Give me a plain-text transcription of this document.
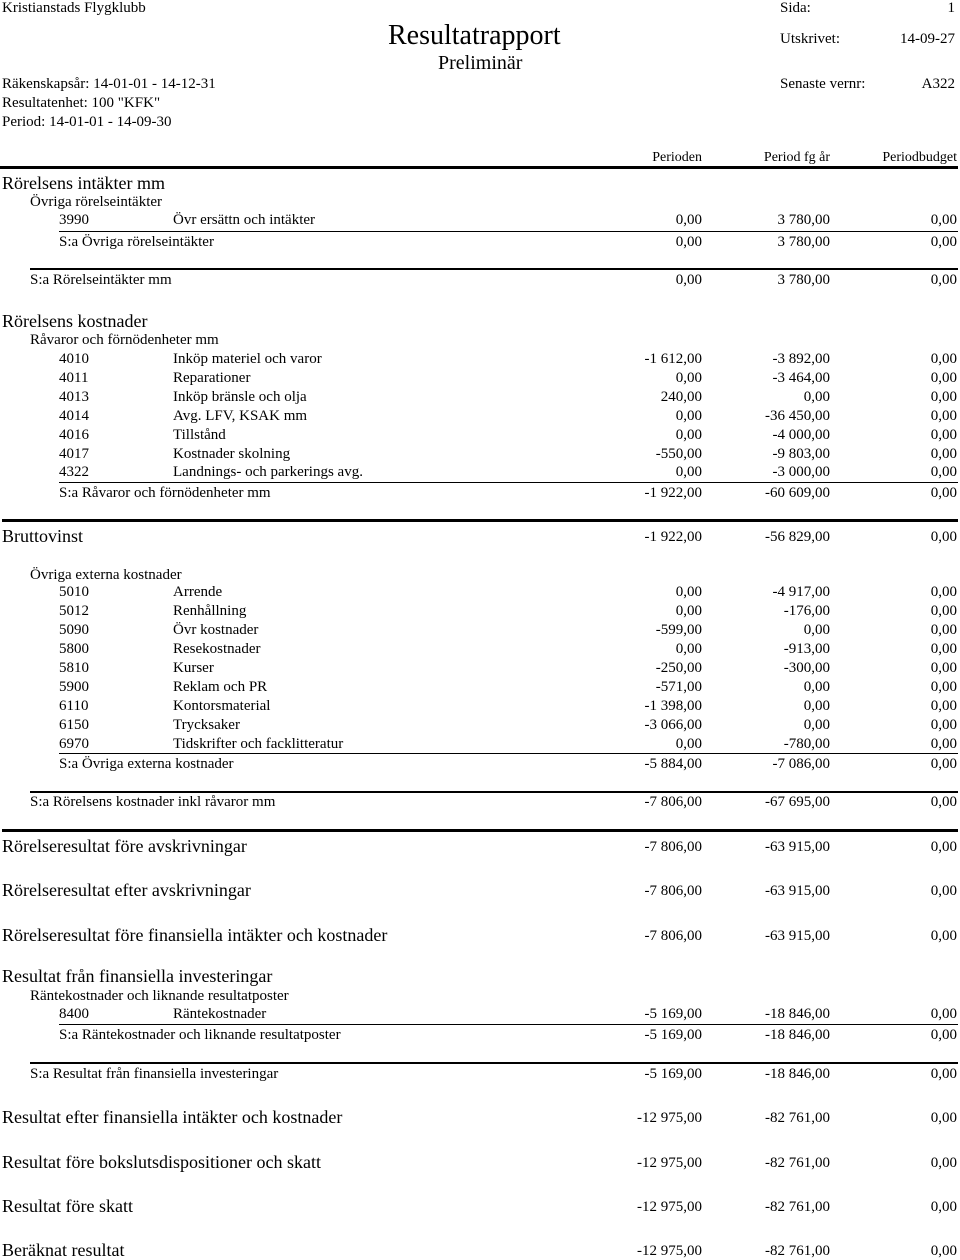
Kristianstads Flygklubb
Resultatrapport
Preliminär
Sida:	1
Utskrivet:	14-09-27
Senaste vernr:	A322
Räkenskapsår: 14-01-01 - 14-12-31
Resultatenhet: 100 "KFK"
Period: 14-01-01 - 14-09-30
Perioden	Period fg år	Periodbudget
Rörelsens intäkter mm
Övriga rörelseintäkter
3990	Övr ersättn och intäkter	0,00	3 780,00	0,00
S:a Övriga rörelseintäkter	0,00	3 780,00	0,00
S:a Rörelseintäkter mm	0,00	3 780,00	0,00
Rörelsens kostnader
Råvaror och förnödenheter mm
4010	Inköp materiel och varor	-1 612,00	-3 892,00	0,00
4011	Reparationer	0,00	-3 464,00	0,00
4013	Inköp bränsle och olja	240,00	0,00	0,00
4014	Avg. LFV, KSAK mm	0,00	-36 450,00	0,00
4016	Tillstånd	0,00	-4 000,00	0,00
4017	Kostnader skolning	-550,00	-9 803,00	0,00
4322	Landnings- och parkerings avg.	0,00	-3 000,00	0,00
S:a Råvaror och förnödenheter mm	-1 922,00	-60 609,00	0,00
Bruttovinst	-1 922,00	-56 829,00	0,00
Övriga externa kostnader
5010	Arrende	0,00	-4 917,00	0,00
5012	Renhållning	0,00	-176,00	0,00
5090	Övr kostnader	-599,00	0,00	0,00
5800	Resekostnader	0,00	-913,00	0,00
5810	Kurser	-250,00	-300,00	0,00
5900	Reklam och PR	-571,00	0,00	0,00
6110	Kontorsmaterial	-1 398,00	0,00	0,00
6150	Trycksaker	-3 066,00	0,00	0,00
6970	Tidskrifter och facklitteratur	0,00	-780,00	0,00
S:a Övriga externa kostnader	-5 884,00	-7 086,00	0,00
S:a Rörelsens kostnader inkl råvaror mm	-7 806,00	-67 695,00	0,00
Rörelseresultat före avskrivningar	-7 806,00	-63 915,00	0,00
Rörelseresultat efter avskrivningar	-7 806,00	-63 915,00	0,00
Rörelseresultat före finansiella intäkter och kostnader	-7 806,00	-63 915,00	0,00
Resultat från finansiella investeringar
Räntekostnader och liknande resultatposter
8400	Räntekostnader	-5 169,00	-18 846,00	0,00
S:a Räntekostnader och liknande resultatposter	-5 169,00	-18 846,00	0,00
S:a Resultat från finansiella investeringar	-5 169,00	-18 846,00	0,00
Resultat efter finansiella intäkter och kostnader	-12 975,00	-82 761,00	0,00
Resultat före bokslutsdispositioner och skatt	-12 975,00	-82 761,00	0,00
Resultat före skatt	-12 975,00	-82 761,00	0,00
Beräknat resultat	-12 975,00	-82 761,00	0,00
